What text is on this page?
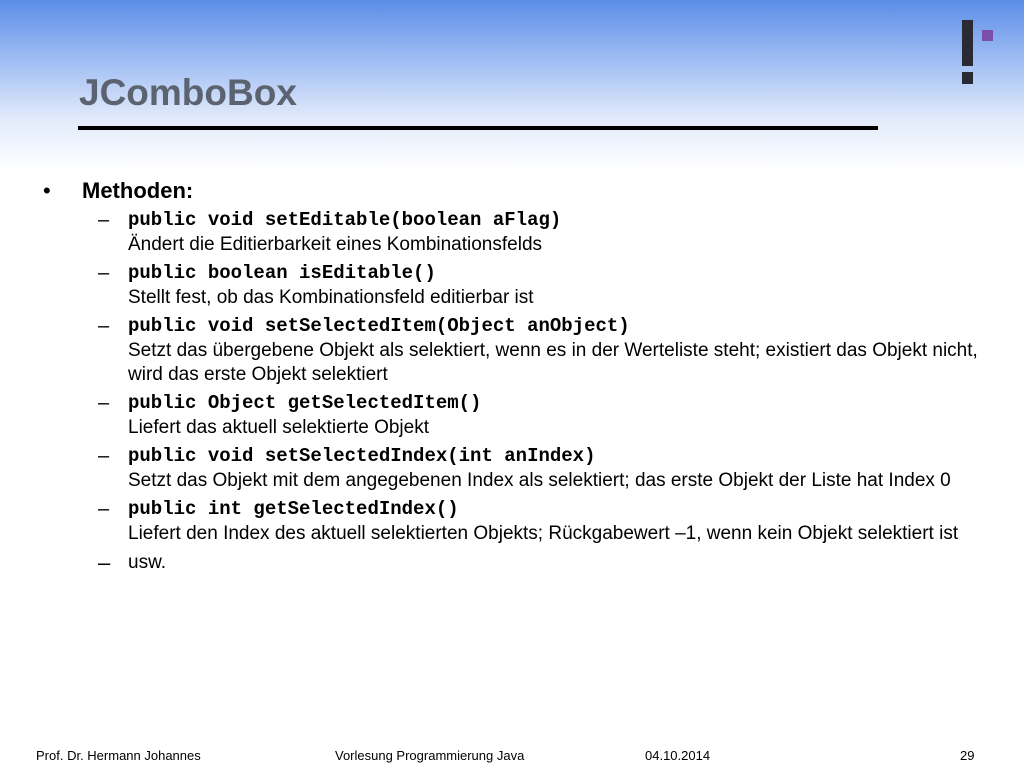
JComboBox
• Methoden:
– public void setEditable(boolean aFlag)
Ändert die Editierbarkeit eines Kombinationsfelds
– public boolean isEditable()
Stellt fest, ob das Kombinationsfeld editierbar ist
– public void setSelectedItem(Object anObject)
Setzt das übergebene Objekt als selektiert, wenn es in der Werteliste steht; existiert das Objekt nicht, wird das erste Objekt selektiert
– public Object getSelectedItem()
Liefert das aktuell selektierte Objekt
– public void setSelectedIndex(int anIndex)
Setzt das Objekt mit dem angegebenen Index als selektiert; das erste Objekt der Liste hat Index 0
– public int getSelectedIndex()
Liefert den Index des aktuell selektierten Objekts; Rückgabewert –1, wenn kein Objekt selektiert ist
– usw.
Prof. Dr. Hermann Johannes	Vorlesung Programmierung Java	04.10.2014	29
